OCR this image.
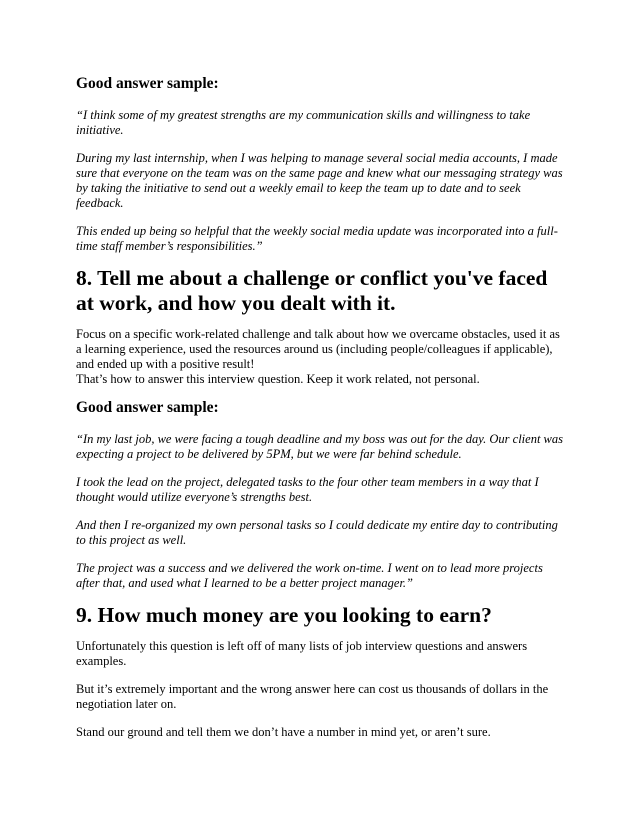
Good answer sample:

“I think some of my greatest strengths are my communication skills and willingness to take initiative.

During my last internship, when I was helping to manage several social media accounts, I made sure that everyone on the team was on the same page and knew what our messaging strategy was by taking the initiative to send out a weekly email to keep the team up to date and to seek feedback.

This ended up being so helpful that the weekly social media update was incorporated into a full-time staff member’s responsibilities.”

8. Tell me about a challenge or conflict you've faced at work, and how you dealt with it.

Focus on a specific work-related challenge and talk about how we overcame obstacles, used it as a learning experience, used the resources around us (including people/colleagues if applicable), and ended up with a positive result!

That’s how to answer this interview question. Keep it work related, not personal.

Good answer sample:

“In my last job, we were facing a tough deadline and my boss was out for the day. Our client was expecting a project to be delivered by 5PM, but we were far behind schedule.

I took the lead on the project, delegated tasks to the four other team members in a way that I thought would utilize everyone’s strengths best.

And then I re-organized my own personal tasks so I could dedicate my entire day to contributing to this project as well.

The project was a success and we delivered the work on-time. I went on to lead more projects after that, and used what I learned to be a better project manager.”

9. How much money are you looking to earn?

Unfortunately this question is left off of many lists of job interview questions and answers examples.

But it’s extremely important and the wrong answer here can cost us thousands of dollars in the negotiation later on.

Stand our ground and tell them we don’t have a number in mind yet, or aren’t sure.
